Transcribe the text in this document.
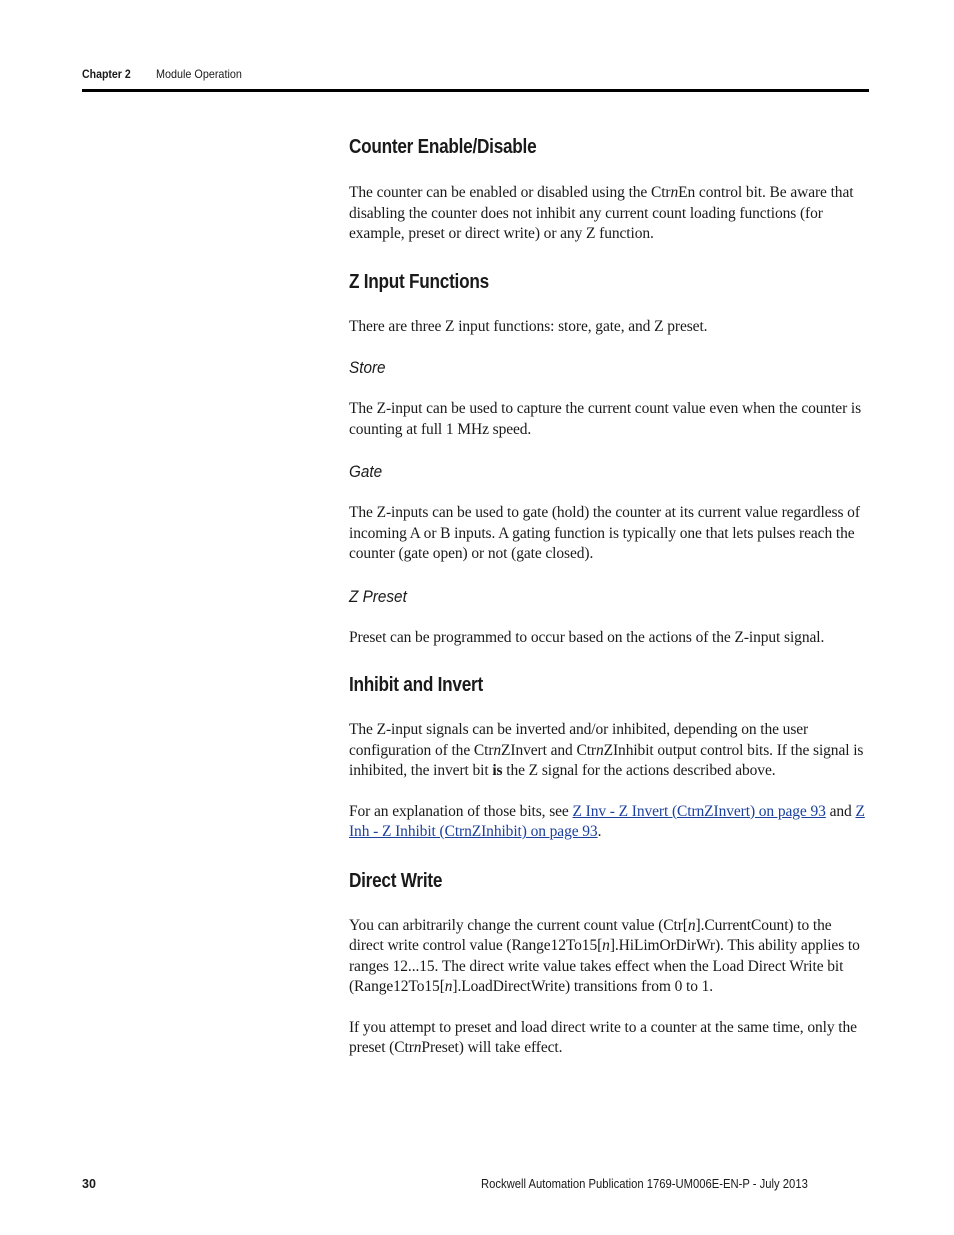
Chapter 2 Module Operation
Counter Enable/Disable

The counter can be enabled or disabled using the CtrnEn control bit. Be aware that disabling the counter does not inhibit any current count loading functions (for example, preset or direct write) or any Z function.

Z Input Functions

There are three Z input functions: store, gate, and Z preset.

Store

The Z-input can be used to capture the current count value even when the counter is counting at full 1 MHz speed.

Gate

The Z-inputs can be used to gate (hold) the counter at its current value regardless of incoming A or B inputs. A gating function is typically one that lets pulses reach the counter (gate open) or not (gate closed).

Z Preset

Preset can be programmed to occur based on the actions of the Z-input signal.

Inhibit and Invert

The Z-input signals can be inverted and/or inhibited, depending on the user configuration of the CtrnZInvert and CtrnZInhibit output control bits. If the signal is inhibited, the invert bit is the Z signal for the actions described above.

For an explanation of those bits, see Z Inv - Z Invert (CtrnZInvert) on page 93 and Z Inh - Z Inhibit (CtrnZInhibit) on page 93.

Direct Write

You can arbitrarily change the current count value (Ctr[n].CurrentCount) to the direct write control value (Range12To15[n].HiLimOrDirWr). This ability applies to ranges 12...15. The direct write value takes effect when the Load Direct Write bit (Range12To15[n].LoadDirectWrite) transitions from 0 to 1.

If you attempt to preset and load direct write to a counter at the same time, only the preset (CtrnPreset) will take effect.

30	Rockwell Automation Publication 1769-UM006E-EN-P - July 2013
